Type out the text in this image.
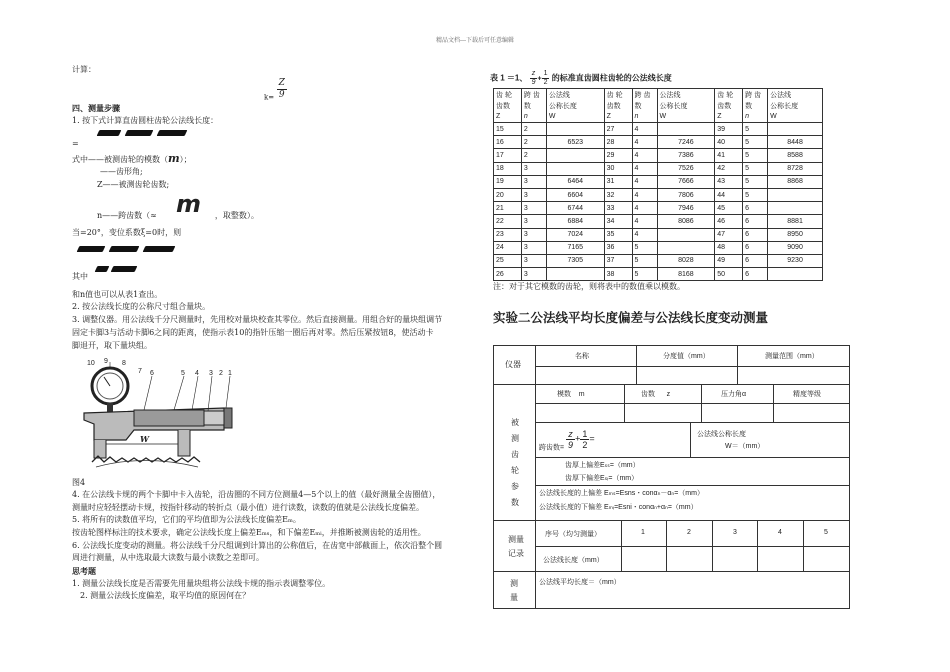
精品文档---下载后可任意编辑
计算：
$k= \frac{Z}{9}$
四、测量步骤
1. 按下式计算直齿圆柱齿轮公法线长度：
=
式中——被测齿轮的模数（m）；
——齿形角;
Z——被测齿轮齿数;
m
n——跨齿数（≈	，取整数）。
当=20°，变位系数ξ=0时，则
其中
和n值也可以从表1查出。
2. 按公法线长度的公称尺寸组合量块。
3. 调整仪器。用公法线千分尺测量时，先用校对量块校查其零位。然后直接测量。用组合好的量块组调节
固定卡脚3与活动卡脚6之间的距离，使指示表10的指针压缩一圈后再对零。然后压紧按钮8，使活动卡
脚退开，取下量块组。
10 9 8
7 6	5 4 3 2 1
W
图4
4. 在公法线卡规的两个卡脚中卡入齿轮，沿齿圈的不同方位测量4—5个以上的值（最好测量全齿圈值），
测量时应轻轻摆动卡规，按指针移动的转折点（最小值）进行读数，读数的值就是公法线长度偏差。
5. 将所有的读数值平均，它们的平均值即为公法线长度偏差Eₘ。
按齿轮图样标注的技术要求，确定公法线长度上偏差Eₘₛ，和下偏差Eₘᵢ，并推断被测齿轮的适用性。
6. 公法线长度变动的测量。将公法线千分尺组调到计算出的公称值后，在齿宽中部截面上，依次沿整个圆
周进行测量，从中选取最大读数与最小读数之差即可。
思考题
1. 测量公法线长度是否需要先用量块组将公法线卡规的指示表调整零位。
2. 测量公法线长度偏差，取平均值的原因何在？
表 1 ＝1、 $\frac{z}{9} + \frac{1}{2}$ 的标准直齿圆柱齿轮的公法线长度
齿 轮	跨 齿	公法线	齿 轮	跨 齿	公法线	齿 轮	跨 齿	公法线
齿数	数	公称长度	齿数	数	公称长度	齿数	数	公称长度
Z	n	W	Z	n	W	Z	n	W
15	2		27	4		39	5	
16	2	6523	28	4	7246	40	5	8448
17	2		29	4	7386	41	5	8588
18	3		30	4	7526	42	5	8728
19	3	6464	31	4	7666	43	5	8868
20	3	6604	32	4	7806	44	5	
21	3	6744	33	4	7946	45	6	
22	3	6884	34	4	8086	46	6	8881
23	3	7024	35	4		47	6	8950
24	3	7165	36	5		48	6	9090
25	3	7305	37	5	8028	49	6	9230
26	3		38	5	8168	50	6	
注：对于其它模数的齿轮，则将表中的数值乘以模数。
实验二公法线平均长度偏差与公法线长度变动测量
仪器
名称	分度值（mm）	测量范围（mm）
被测齿轮参数
模数 m	齿数 z	压力角α	精度等级
跨齿数= $\frac{z}{9} + \frac{1}{2}$ =	公法线公称长度
W＝（mm）
齿厚上偏差Eₛₛ=（mm）
齿厚下偏差Eₛᵢ=（mm）
公法线长度的上偏差 Eₘₛ=Esns・conαₙ－αₙ=（mm）
公法线长度的下偏差 Eₘᵢ=Esni・conαₙ+αₙ=（mm）
测量记录
序号（均匀测量）	1	2	3	4	5
公法线长度（mm）
测量
公法线平均长度＝（mm）
